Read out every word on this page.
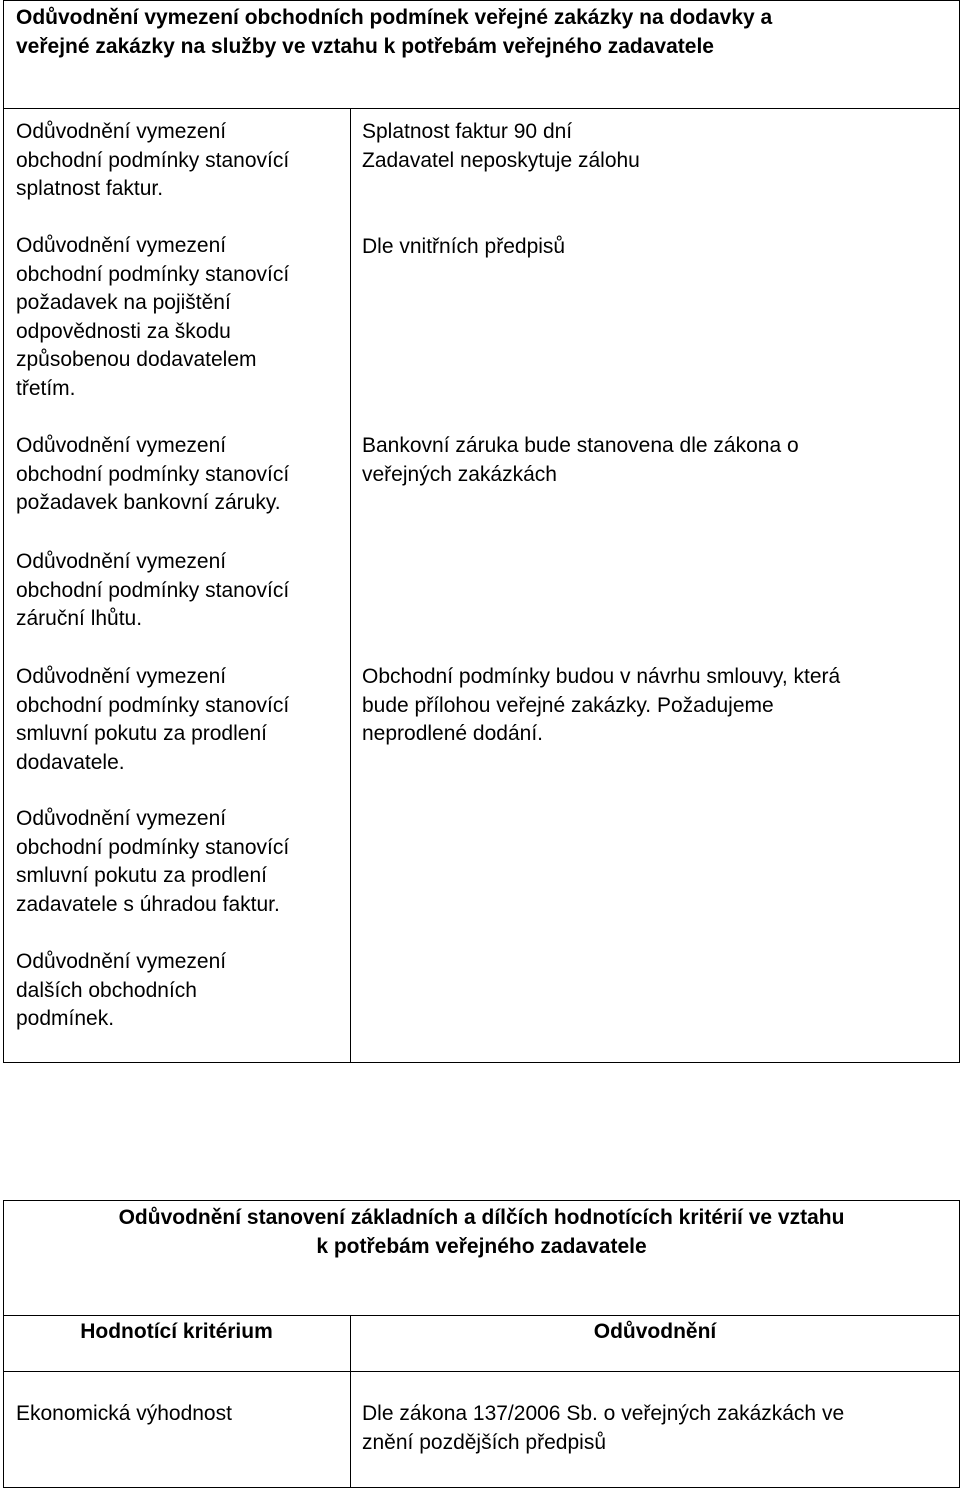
Odůvodnění vymezení obchodních podmínek veřejné zakázky na dodavky a
veřejné zakázky na služby ve vztahu k potřebám veřejného zadavatele
Odůvodnění vymezení
obchodní podmínky stanovící
splatnost faktur.
Odůvodnění vymezení
obchodní podmínky stanovící
požadavek na pojištění
odpovědnosti za škodu
způsobenou dodavatelem
třetím.
Odůvodnění vymezení
obchodní podmínky stanovící
požadavek bankovní záruky.
Odůvodnění vymezení
obchodní podmínky stanovící
záruční lhůtu.
Odůvodnění vymezení
obchodní podmínky stanovící
smluvní pokutu za prodlení
dodavatele.
Odůvodnění vymezení
obchodní podmínky stanovící
smluvní pokutu za prodlení
zadavatele s úhradou faktur.
Odůvodnění vymezení
dalších obchodních
podmínek.
Splatnost faktur 90 dní
Zadavatel neposkytuje zálohu
Dle vnitřních předpisů
Bankovní záruka bude stanovena dle zákona o
veřejných zakázkách
Obchodní podmínky budou v návrhu smlouvy, která
bude přílohou veřejné zakázky. Požadujeme
neprodlené dodání.
Odůvodnění stanovení základních a dílčích hodnotících kritérií ve vztahu
k potřebám veřejného zadavatele
Hodnotící kritérium	Odůvodnění
Ekonomická výhodnost	Dle zákona 137/2006 Sb. o veřejných zakázkách ve
znění pozdějších předpisů
